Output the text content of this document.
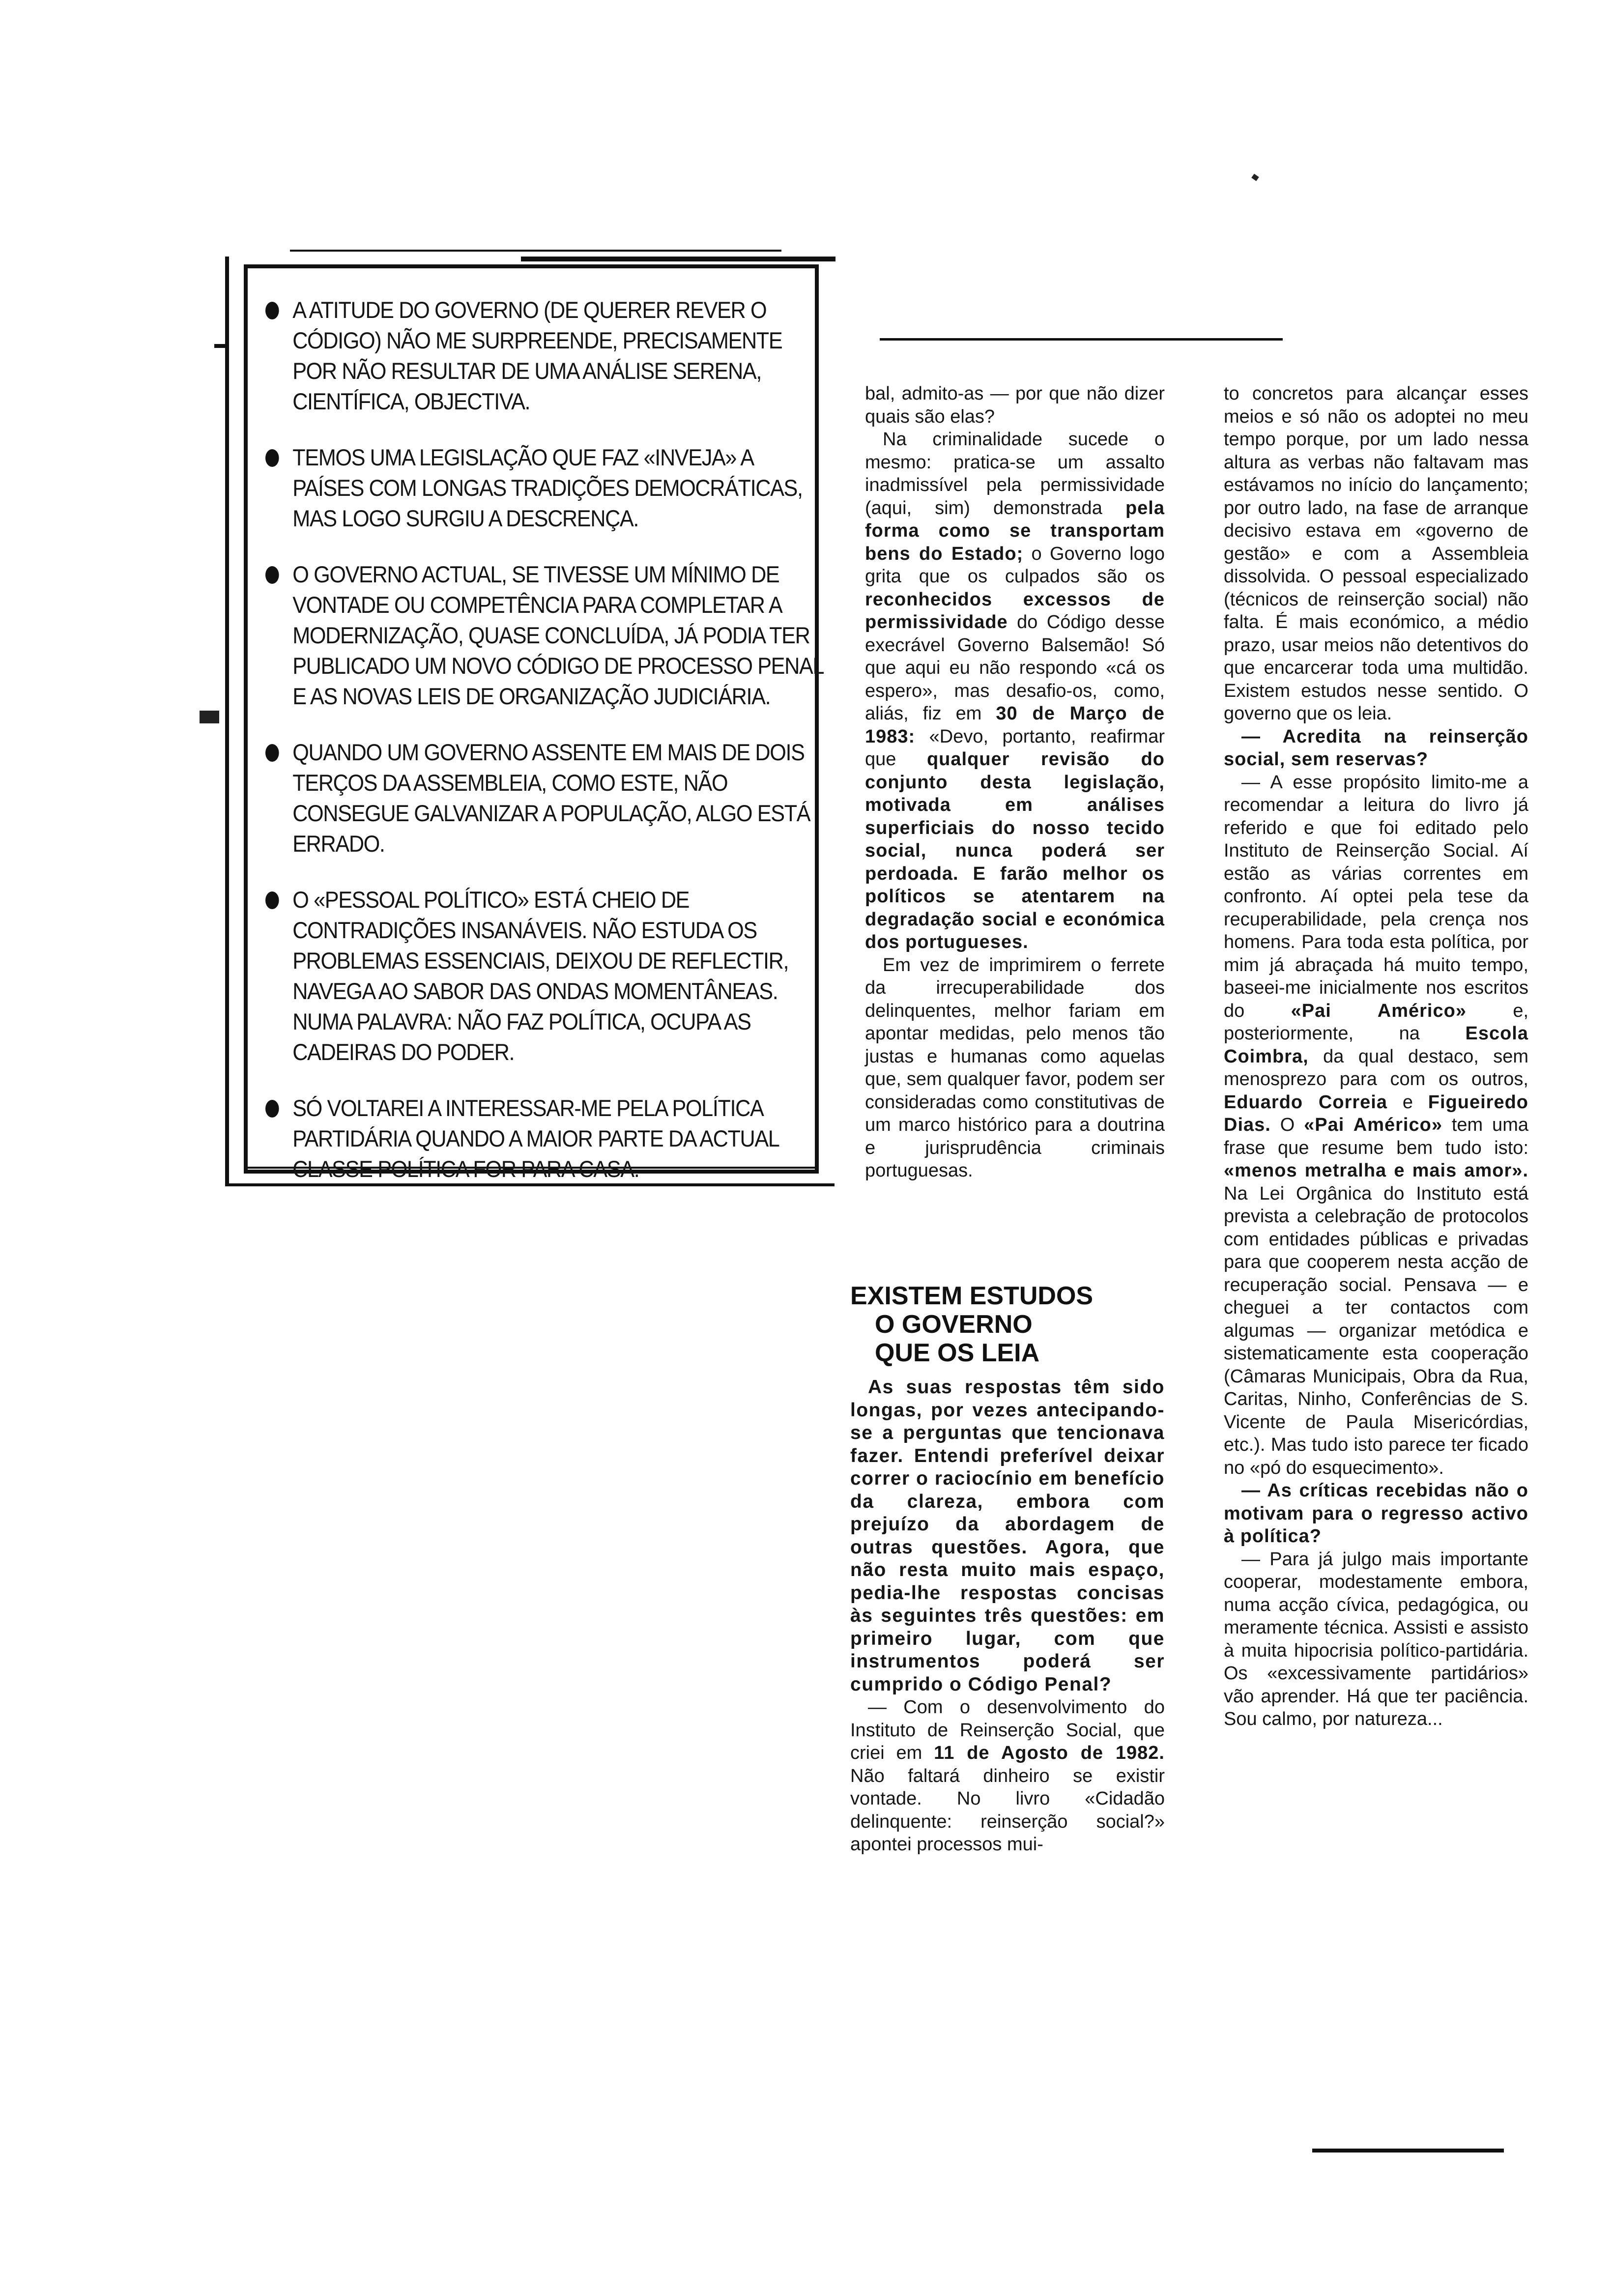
A ATITUDE DO GOVERNO (DE QUERER REVER O CÓDIGO) NÃO ME SURPREENDE, PRECISAMENTE POR NÃO RESULTAR DE UMA ANÁLISE SERENA, CIENTÍFICA, OBJECTIVA.
TEMOS UMA LEGISLAÇÃO QUE FAZ «INVEJA» A PAÍSES COM LONGAS TRADIÇÕES DEMOCRÁTICAS, MAS LOGO SURGIU A DESCRENÇA.
O GOVERNO ACTUAL, SE TIVESSE UM MÍNIMO DE VONTADE OU COMPETÊNCIA PARA COMPLETAR A MODERNIZAÇÃO, QUASE CONCLUÍDA, JÁ PODIA TER PUBLICADO UM NOVO CÓDIGO DE PROCESSO PENAL E AS NOVAS LEIS DE ORGANIZAÇÃO JUDICIÁRIA.
QUANDO UM GOVERNO ASSENTE EM MAIS DE DOIS TERÇOS DA ASSEMBLEIA, COMO ESTE, NÃO CONSEGUE GALVANIZAR A POPULAÇÃO, ALGO ESTÁ ERRADO.
O «PESSOAL POLÍTICO» ESTÁ CHEIO DE CONTRADIÇÕES INSANÁVEIS. NÃO ESTUDA OS PROBLEMAS ESSENCIAIS, DEIXOU DE REFLECTIR, NAVEGA AO SABOR DAS ONDAS MOMENTÂNEAS. NUMA PALAVRA: NÃO FAZ POLÍTICA, OCUPA AS CADEIRAS DO PODER.
SÓ VOLTAREI A INTERESSAR-ME PELA POLÍTICA PARTIDÁRIA QUANDO A MAIOR PARTE DA ACTUAL CLASSE POLÍTICA FOR PARA CASA.

bal, admito-as — por que não dizer quais são elas?

Na criminalidade sucede o mesmo: pratica-se um assalto inadmissível pela permissividade (aqui, sim) demonstrada pela forma como se transportam bens do Estado; o Governo logo grita que os culpados são os reconhecidos excessos de permissividade do Código desse execrável Governo Balsemão! Só que aqui eu não respondo «cá os espero», mas desafio-os, como, aliás, fiz em 30 de Março de 1983: «Devo, portanto, reafirmar que qualquer revisão do conjunto desta legislação, motivada em análises superficiais do nosso tecido social, nunca poderá ser perdoada. E farão melhor os políticos se atentarem na degradação social e económica dos portugueses.

Em vez de imprimirem o ferrete da irrecuperabilidade dos delinquentes, melhor fariam em apontar medidas, pelo menos tão justas e humanas como aquelas que, sem qualquer favor, podem ser consideradas como constitutivas de um marco histórico para a doutrina e jurisprudência criminais portuguesas.

EXISTEM ESTUDOS
O GOVERNO
QUE OS LEIA

As suas respostas têm sido longas, por vezes antecipando-se a perguntas que tencionava fazer. Entendi preferível deixar correr o raciocínio em benefício da clareza, embora com prejuízo da abordagem de outras questões. Agora, que não resta muito mais espaço, pedia-lhe respostas concisas às seguintes três questões: em primeiro lugar, com que instrumentos poderá ser cumprido o Código Penal?

— Com o desenvolvimento do Instituto de Reinserção Social, que criei em 11 de Agosto de 1982. Não faltará dinheiro se existir vontade. No livro «Cidadão delinquente: reinserção social?» apontei processos mui-

to concretos para alcançar esses meios e só não os adoptei no meu tempo porque, por um lado nessa altura as verbas não faltavam mas estávamos no início do lançamento; por outro lado, na fase de arranque decisivo estava em «governo de gestão» e com a Assembleia dissolvida. O pessoal especializado (técnicos de reinserção social) não falta. É mais económico, a médio prazo, usar meios não detentivos do que encarcerar toda uma multidão. Existem estudos nesse sentido. O governo que os leia.

— Acredita na reinserção social, sem reservas?

— A esse propósito limito-me a recomendar a leitura do livro já referido e que foi editado pelo Instituto de Reinserção Social. Aí estão as várias correntes em confronto. Aí optei pela tese da recuperabilidade, pela crença nos homens. Para toda esta política, por mim já abraçada há muito tempo, baseei-me inicialmente nos escritos do «Pai Américo» e, posteriormente, na Escola Coimbra, da qual destaco, sem menosprezo para com os outros, Eduardo Correia e Figueiredo Dias. O «Pai Américo» tem uma frase que resume bem tudo isto: «menos metralha e mais amor». Na Lei Orgânica do Instituto está prevista a celebração de protocolos com entidades públicas e privadas para que cooperem nesta acção de recuperação social. Pensava — e cheguei a ter contactos com algumas — organizar metódica e sistematicamente esta cooperação (Câmaras Municipais, Obra da Rua, Caritas, Ninho, Conferências de S. Vicente de Paula Misericórdias, etc.). Mas tudo isto parece ter ficado no «pó do esquecimento».

— As críticas recebidas não o motivam para o regresso activo à política?

— Para já julgo mais importante cooperar, modestamente embora, numa acção cívica, pedagógica, ou meramente técnica. Assisti e assisto à muita hipocrisia político-partidária. Os «excessivamente partidários» vão aprender. Há que ter paciência. Sou calmo, por natureza...
